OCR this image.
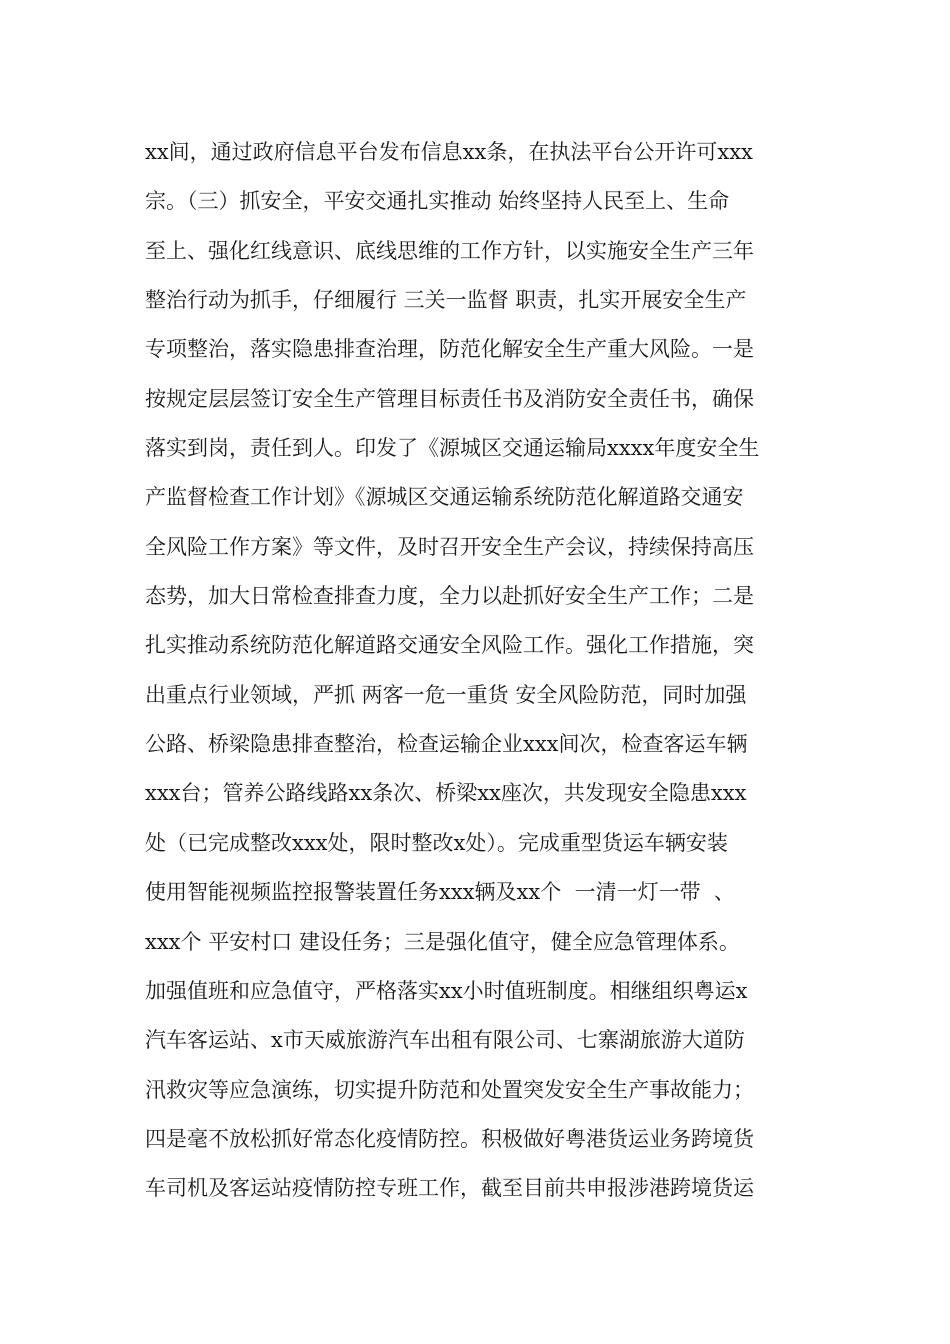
xx间，通过政府信息平台发布信息xx条，在执法平台公开许可xxx
宗。（三）抓安全，平安交通扎实推动 始终坚持人民至上、生命
至上、强化红线意识、底线思维的工作方针，以实施安全生产三年
整治行动为抓手，仔细履行 三关一监督 职责，扎实开展安全生产
专项整治，落实隐患排查治理，防范化解安全生产重大风险。一是
按规定层层签订安全生产管理目标责任书及消防安全责任书，确保
落实到岗，责任到人。印发了《源城区交通运输局xxxx年度安全生
产监督检查工作计划》《源城区交通运输系统防范化解道路交通安
全风险工作方案》等文件，及时召开安全生产会议，持续保持高压
态势，加大日常检查排查力度，全力以赴抓好安全生产工作；二是
扎实推动系统防范化解道路交通安全风险工作。强化工作措施，突
出重点行业领域，严抓 两客一危一重货 安全风险防范，同时加强
公路、桥梁隐患排查整治，检查运输企业xxx间次，检查客运车辆
xxx台；管养公路线路xx条次、桥梁xx座次，共发现安全隐患xxx
处（已完成整改xxx处，限时整改x处）。完成重型货运车辆安装
使用智能视频监控报警装置任务xxx辆及xx个  一清一灯一带  、
xxx个 平安村口 建设任务；三是强化值守，健全应急管理体系。
加强值班和应急值守，严格落实xx小时值班制度。相继组织粤运x
汽车客运站、x市天威旅游汽车出租有限公司、七寨湖旅游大道防
汛救灾等应急演练，切实提升防范和处置突发安全生产事故能力；
四是毫不放松抓好常态化疫情防控。积极做好粤港货运业务跨境货
车司机及客运站疫情防控专班工作，截至目前共申报涉港跨境货运
